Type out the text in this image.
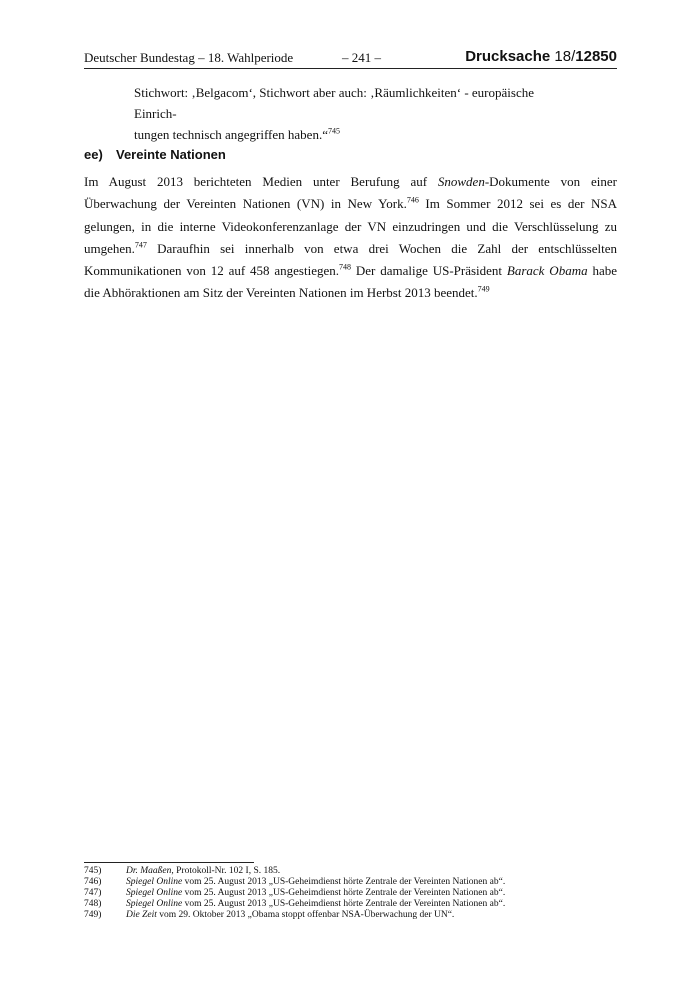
Deutscher Bundestag – 18. Wahlperiode	– 241 –	Drucksache 18/12850
Stichwort: ‚Belgacom‘, Stichwort aber auch: ‚Räumlichkeiten‘ - europäische Einrich-
tungen technisch angegriffen haben.“$^{745}$
ee) Vereinte Nationen
Im August 2013 berichteten Medien unter Berufung auf Snowden-Dokumente von einer Überwachung der Vereinten Nationen (VN) in New York.$^{746}$ Im Sommer 2012 sei es der NSA gelungen, in die interne Videokonferenzanlage der VN einzudringen und die Verschlüsselung zu umgehen.$^{747}$ Daraufhin sei innerhalb von etwa drei Wochen die Zahl der entschlüsselten Kommunikationen von 12 auf 458 angestiegen.$^{748}$ Der damalige US-Präsident Barack Obama habe die Abhöraktionen am Sitz der Vereinten Nationen im Herbst 2013 beendet.$^{749}$
745)	Dr. Maaßen, Protokoll-Nr. 102 I, S. 185.
746)	Spiegel Online vom 25. August 2013 „US-Geheimdienst hörte Zentrale der Vereinten Nationen ab“.
747)	Spiegel Online vom 25. August 2013 „US-Geheimdienst hörte Zentrale der Vereinten Nationen ab“.
748)	Spiegel Online vom 25. August 2013 „US-Geheimdienst hörte Zentrale der Vereinten Nationen ab“.
749)	Die Zeit vom 29. Oktober 2013 „Obama stoppt offenbar NSA-Überwachung der UN“.
